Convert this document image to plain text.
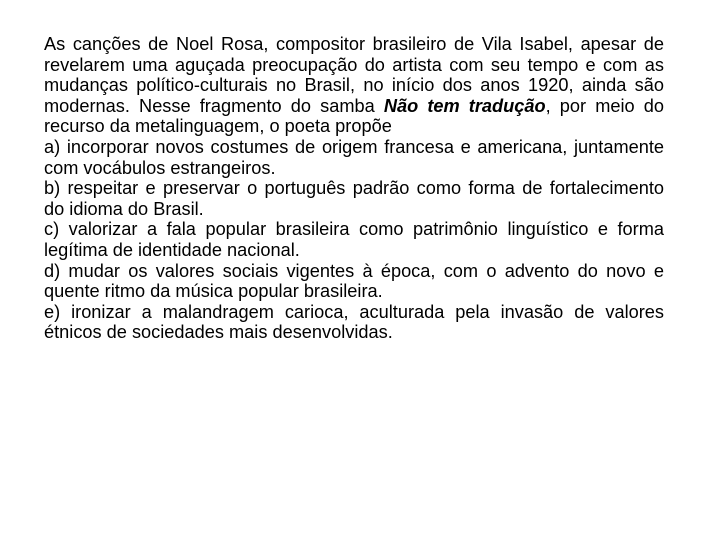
As canções de Noel Rosa, compositor brasileiro de Vila Isabel, apesar de revelarem uma aguçada preocupação do artista com seu tempo e com as mudanças político-culturais no Brasil, no início dos anos 1920, ainda são modernas. Nesse fragmento do samba Não tem tradução, por meio do recurso da metalinguagem, o poeta propõe

a) incorporar novos costumes de origem francesa e americana, juntamente com vocábulos estrangeiros.

b) respeitar e preservar o português padrão como forma de fortalecimento do idioma do Brasil.

c) valorizar a fala popular brasileira como patrimônio linguístico e forma legítima de identidade nacional.

d) mudar os valores sociais vigentes à época, com o advento do novo e quente ritmo da música popular brasileira.

e) ironizar a malandragem carioca, aculturada pela invasão de valores étnicos de sociedades mais desenvolvidas.
